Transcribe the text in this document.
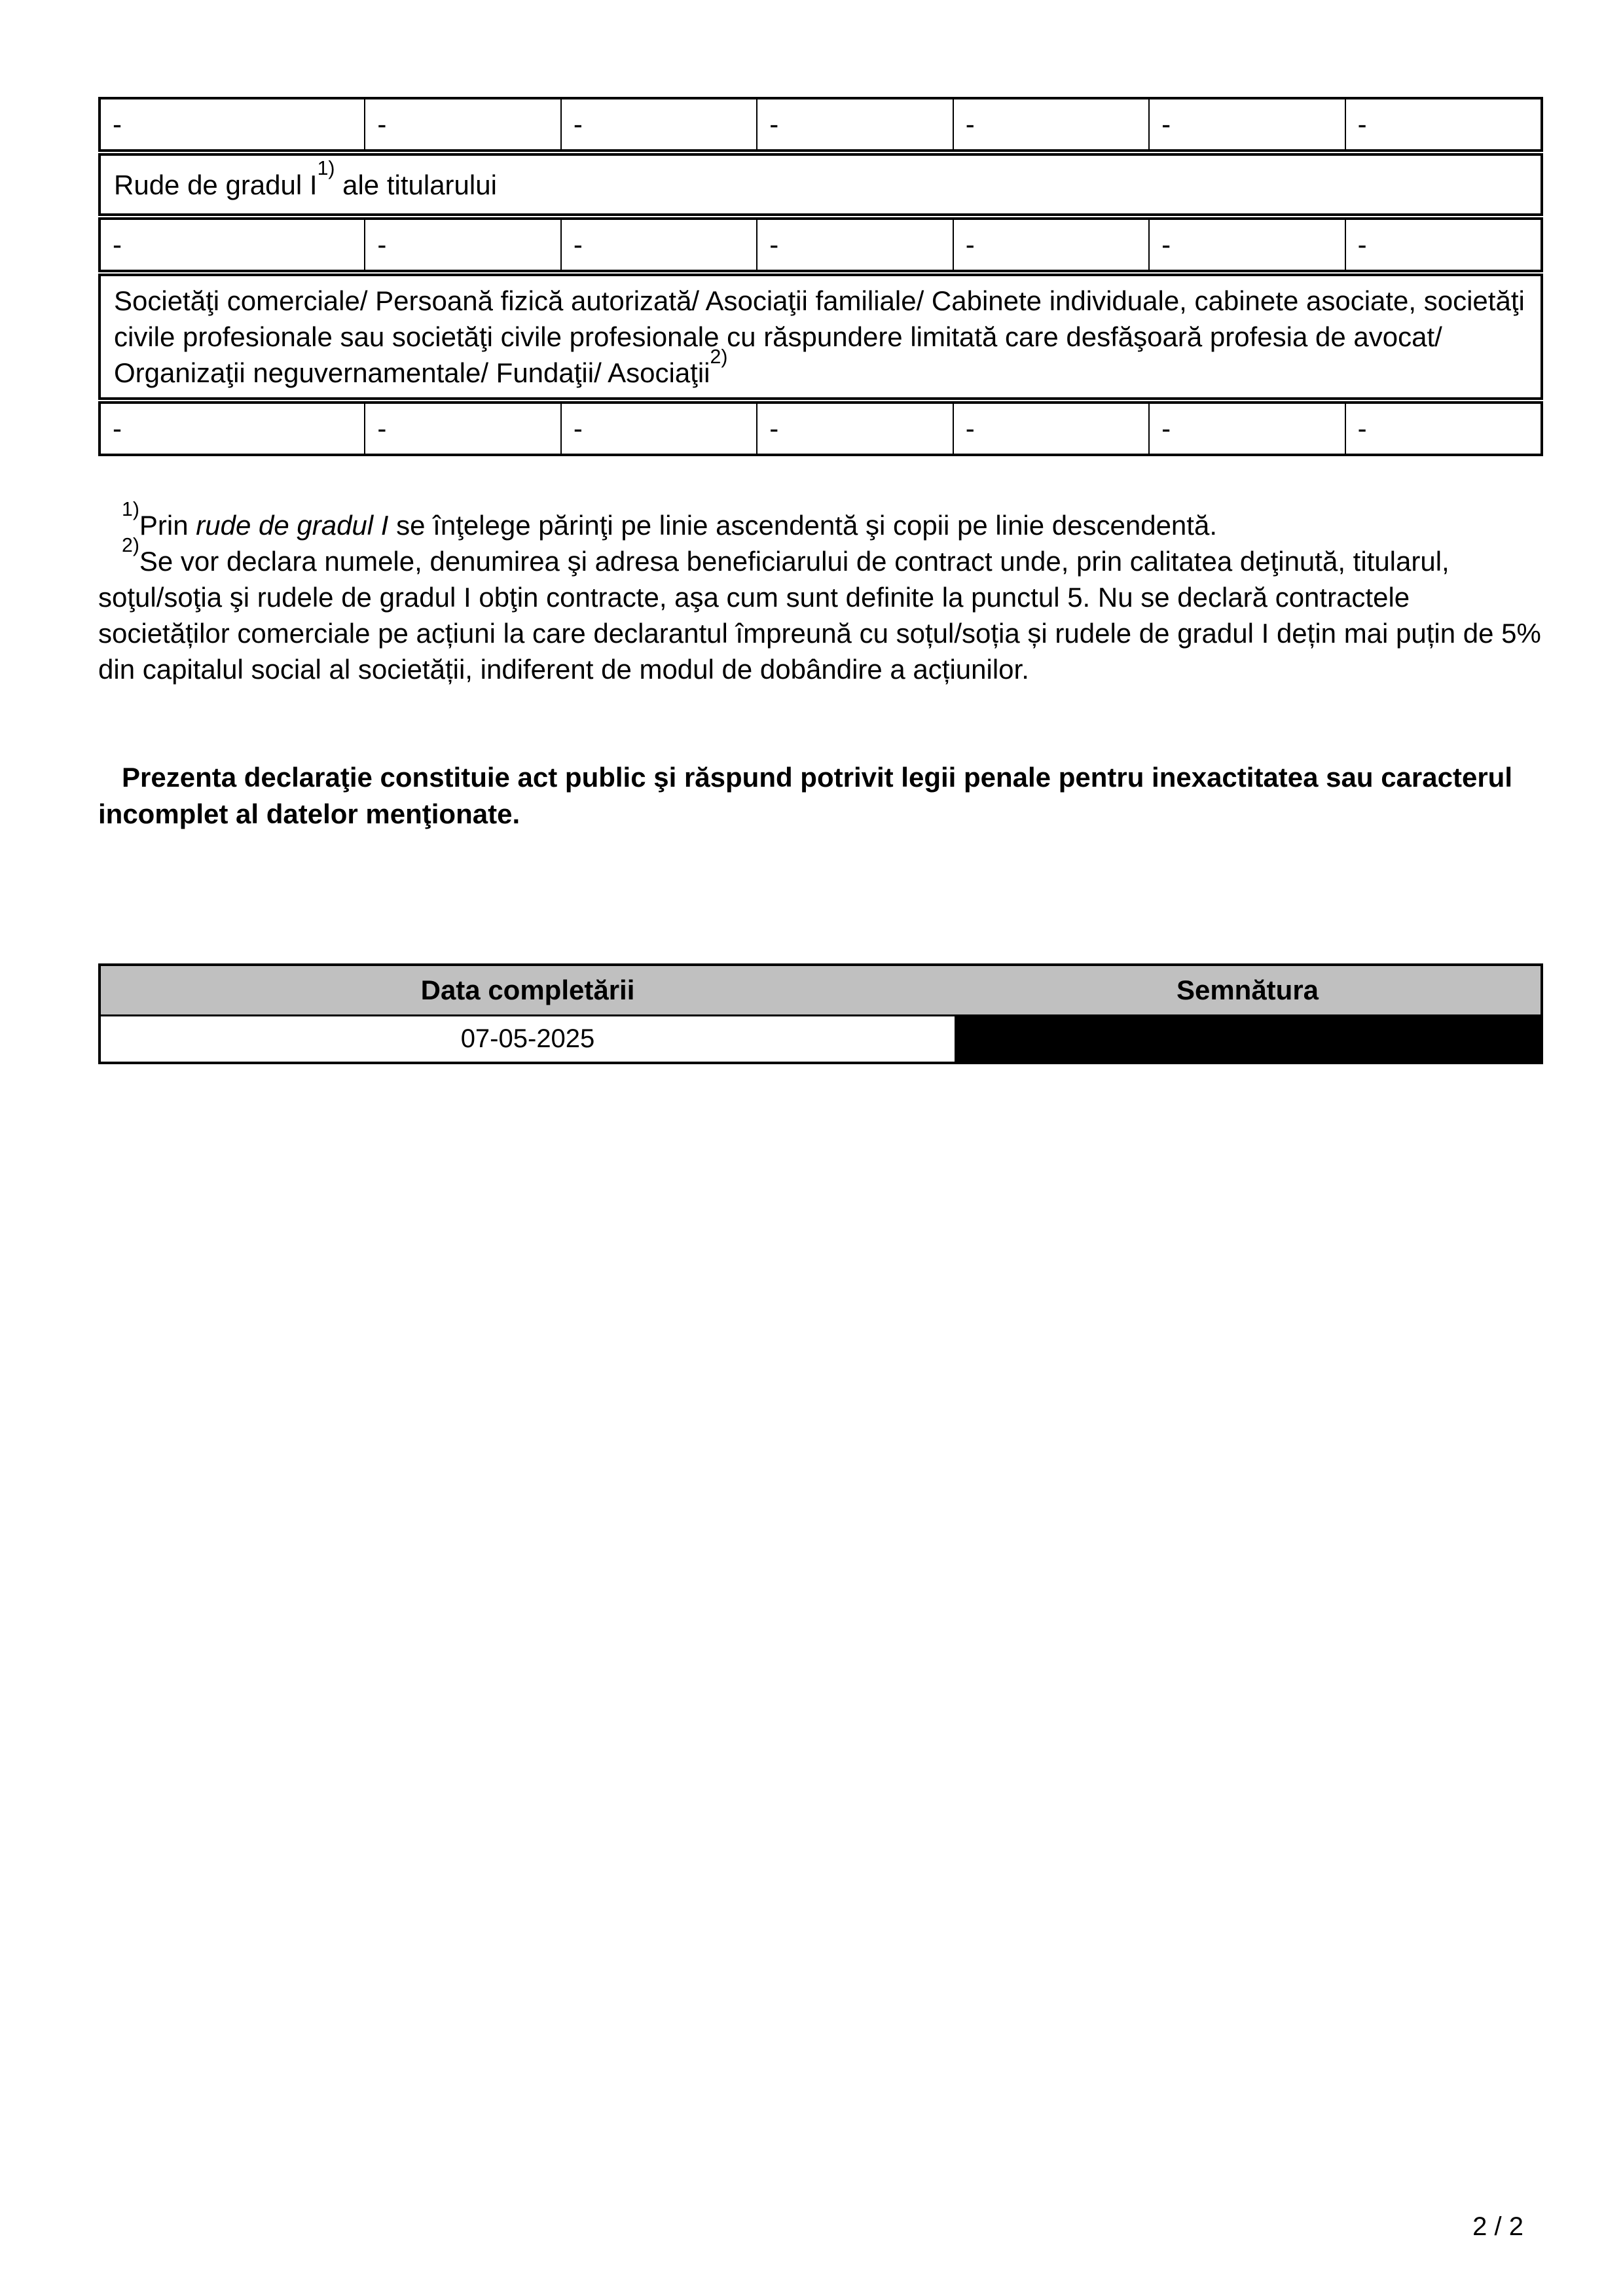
-	-	-	-	-	-	-
Rude de gradul $I^{1)}$ ale titularului
-	-	-	-	-	-	-
Societăţi comerciale/ Persoană fizică autorizată/ Asociaţii familiale/ Cabinete individuale, cabinete asociate, societăţi civile profesionale sau societăţi civile profesionale cu răspundere limitată care desfăşoară profesia de avocat/ Organizaţii neguvernamentale/ Fundaţii/ Asociaţii$^{2)}$
-	-	-	-	-	-	-

$^{1)}$Prin rude de gradul I se înţelege părinţi pe linie ascendentă şi copii pe linie descendentă.

$^{2)}$Se vor declara numele, denumirea şi adresa beneficiarului de contract unde, prin calitatea deţinută, titularul, soţul/soţia şi rudele de gradul I obţin contracte, aşa cum sunt definite la punctul 5. Nu se declară contractele societăților comerciale pe acțiuni la care declarantul împreună cu soțul/soția și rudele de gradul I dețin mai puțin de 5% din capitalul social al societății, indiferent de modul de dobândire a acțiunilor.

Prezenta declaraţie constituie act public şi răspund potrivit legii penale pentru inexactitatea sau caracterul incomplet al datelor menţionate.

Data completării	Semnătura
07-05-2025
2 / 2
